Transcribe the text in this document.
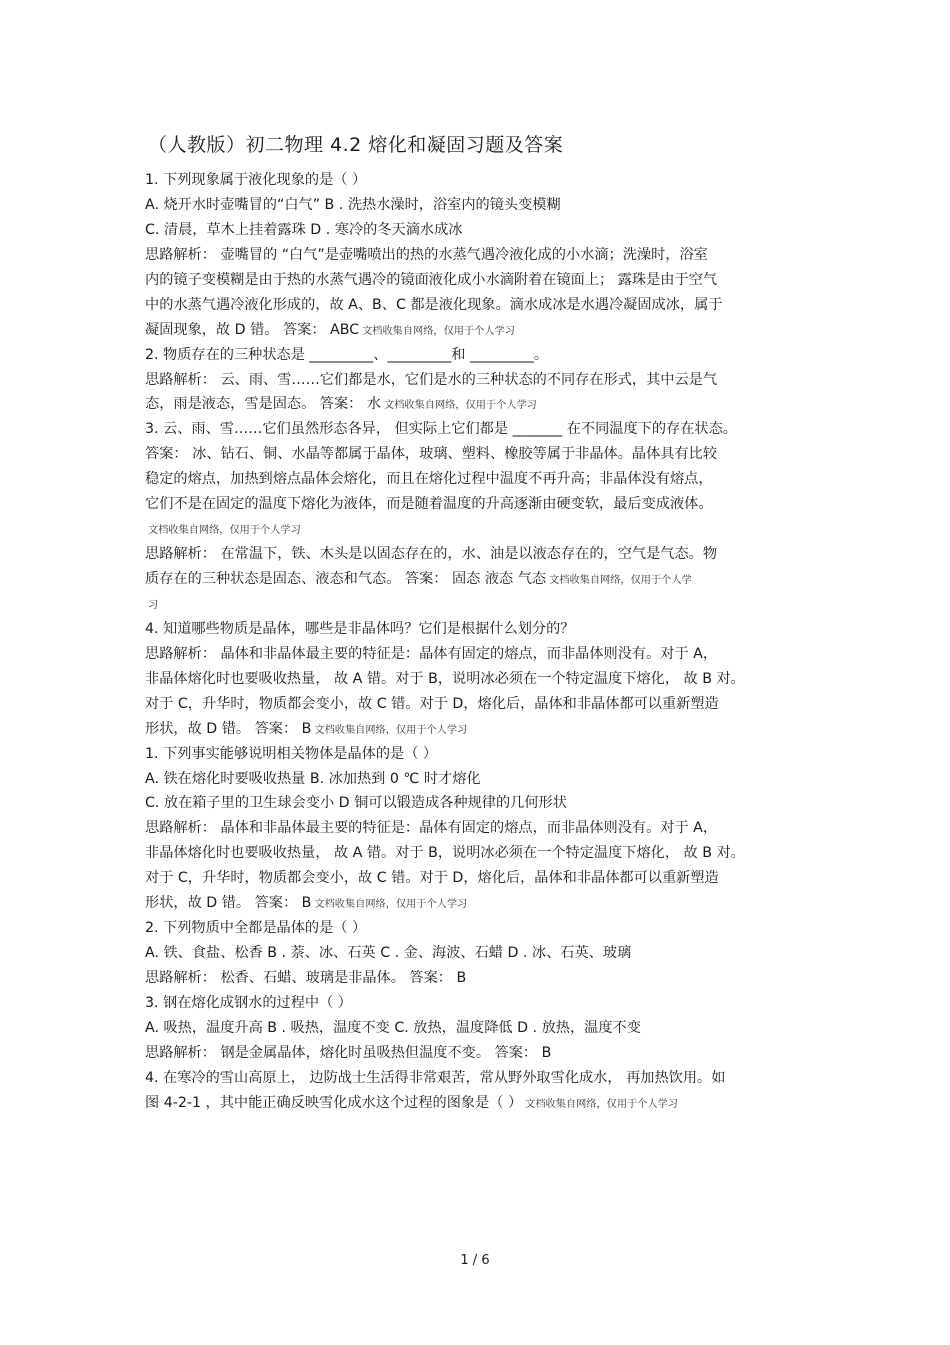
（人教版）初二物理 4.2 熔化和凝固习题及答案
1. 下列现象属于液化现象的是（ ）
A. 烧开水时壶嘴冒的“白气” B . 洗热水澡时，浴室内的镜头变模糊
C. 清晨，草木上挂着露珠 D . 寒冷的冬天滴水成冰
思路解析： 壶嘴冒的 “白气”是壶嘴喷出的热的水蒸气遇冷液化成的小水滴；洗澡时，浴室
内的镜子变模糊是由于热的水蒸气遇冷的镜面液化成小水滴附着在镜面上； 露珠是由于空气
中的水蒸气遇冷液化形成的，故 A、B、C 都是液化现象。滴水成冰是水遇冷凝固成冰，属于
凝固现象，故 D 错。 答案： ABC 文档收集自网络，仅用于个人学习
2. 物质存在的三种状态是 _________、_________和 _________。
思路解析： 云、雨、雪……它们都是水，它们是水的三种状态的不同存在形式，其中云是气
态，雨是液态，雪是固态。 答案： 水 文档收集自网络，仅用于个人学习
3. 云、雨、雪……它们虽然形态各异， 但实际上它们都是 _______ 在不同温度下的存在状态。
答案： 冰、钻石、铜、水晶等都属于晶体，玻璃、塑料、橡胶等属于非晶体。晶体具有比较
稳定的熔点，加热到熔点晶体会熔化，而且在熔化过程中温度不再升高；非晶体没有熔点，
它们不是在固定的温度下熔化为液体，而是随着温度的升高逐渐由硬变软，最后变成液体。
文档收集自网络，仅用于个人学习
思路解析： 在常温下，铁、木头是以固态存在的，水、油是以液态存在的，空气是气态。物
质存在的三种状态是固态、液态和气态。 答案： 固态 液态 气态 文档收集自网络，仅用于个人学
习
4. 知道哪些物质是晶体，哪些是非晶体吗？它们是根据什么划分的？
思路解析： 晶体和非晶体最主要的特征是：晶体有固定的熔点，而非晶体则没有。对于 A，
非晶体熔化时也要吸收热量， 故 A 错。对于 B，说明冰必须在一个特定温度下熔化， 故 B 对。
对于 C，升华时，物质都会变小，故 C 错。对于 D，熔化后，晶体和非晶体都可以重新塑造
形状，故 D 错。 答案： B 文档收集自网络，仅用于个人学习
1. 下列事实能够说明相关物体是晶体的是（ ）
A. 铁在熔化时要吸收热量 B. 冰加热到 0 ℃ 时才熔化
C. 放在箱子里的卫生球会变小 D 铜可以锻造成各种规律的几何形状
思路解析： 晶体和非晶体最主要的特征是：晶体有固定的熔点，而非晶体则没有。对于 A，
非晶体熔化时也要吸收热量， 故 A 错。对于 B，说明冰必须在一个特定温度下熔化， 故 B 对。
对于 C，升华时，物质都会变小，故 C 错。对于 D，熔化后，晶体和非晶体都可以重新塑造
形状，故 D 错。 答案： B 文档收集自网络，仅用于个人学习
2. 下列物质中全都是晶体的是（ ）
A. 铁、食盐、松香 B . 萘、冰、石英 C . 金、海波、石蜡 D . 冰、石英、玻璃
思路解析： 松香、石蜡、玻璃是非晶体。 答案： B
3. 钢在熔化成钢水的过程中（ ）
A. 吸热，温度升高 B . 吸热，温度不变 C. 放热，温度降低 D . 放热，温度不变
思路解析： 钢是金属晶体，熔化时虽吸热但温度不变。 答案： B
4. 在寒冷的雪山高原上， 边防战士生活得非常艰苦，常从野外取雪化成水， 再加热饮用。如
图 4-2-1 ，其中能正确反映雪化成水这个过程的图象是（ ） 文档收集自网络，仅用于个人学习
1 / 6
